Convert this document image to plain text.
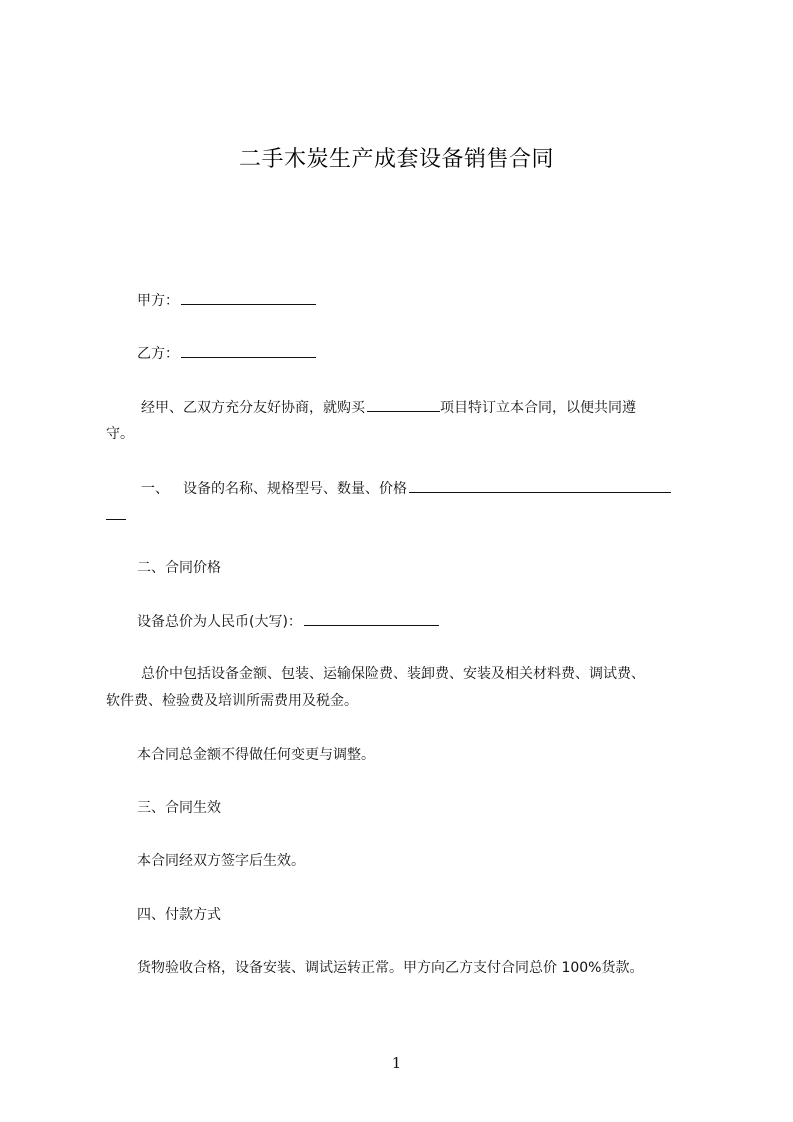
二手木炭生产成套设备销售合同
甲方：
乙方：
经甲、乙双方充分友好协商，就购买	项目特订立本合同，以便共同遵
守。
一、 设备的名称、规格型号、数量、价格
二、合同价格
设备总价为人民币(大写)：
总价中包括设备金额、包装、运输保险费、装卸费、安装及相关材料费、调试费、
软件费、检验费及培训所需费用及税金。
本合同总金额不得做任何变更与调整。
三、合同生效
本合同经双方签字后生效。
四、付款方式
货物验收合格，设备安装、调试运转正常。甲方向乙方支付合同总价 100%货款。
1
